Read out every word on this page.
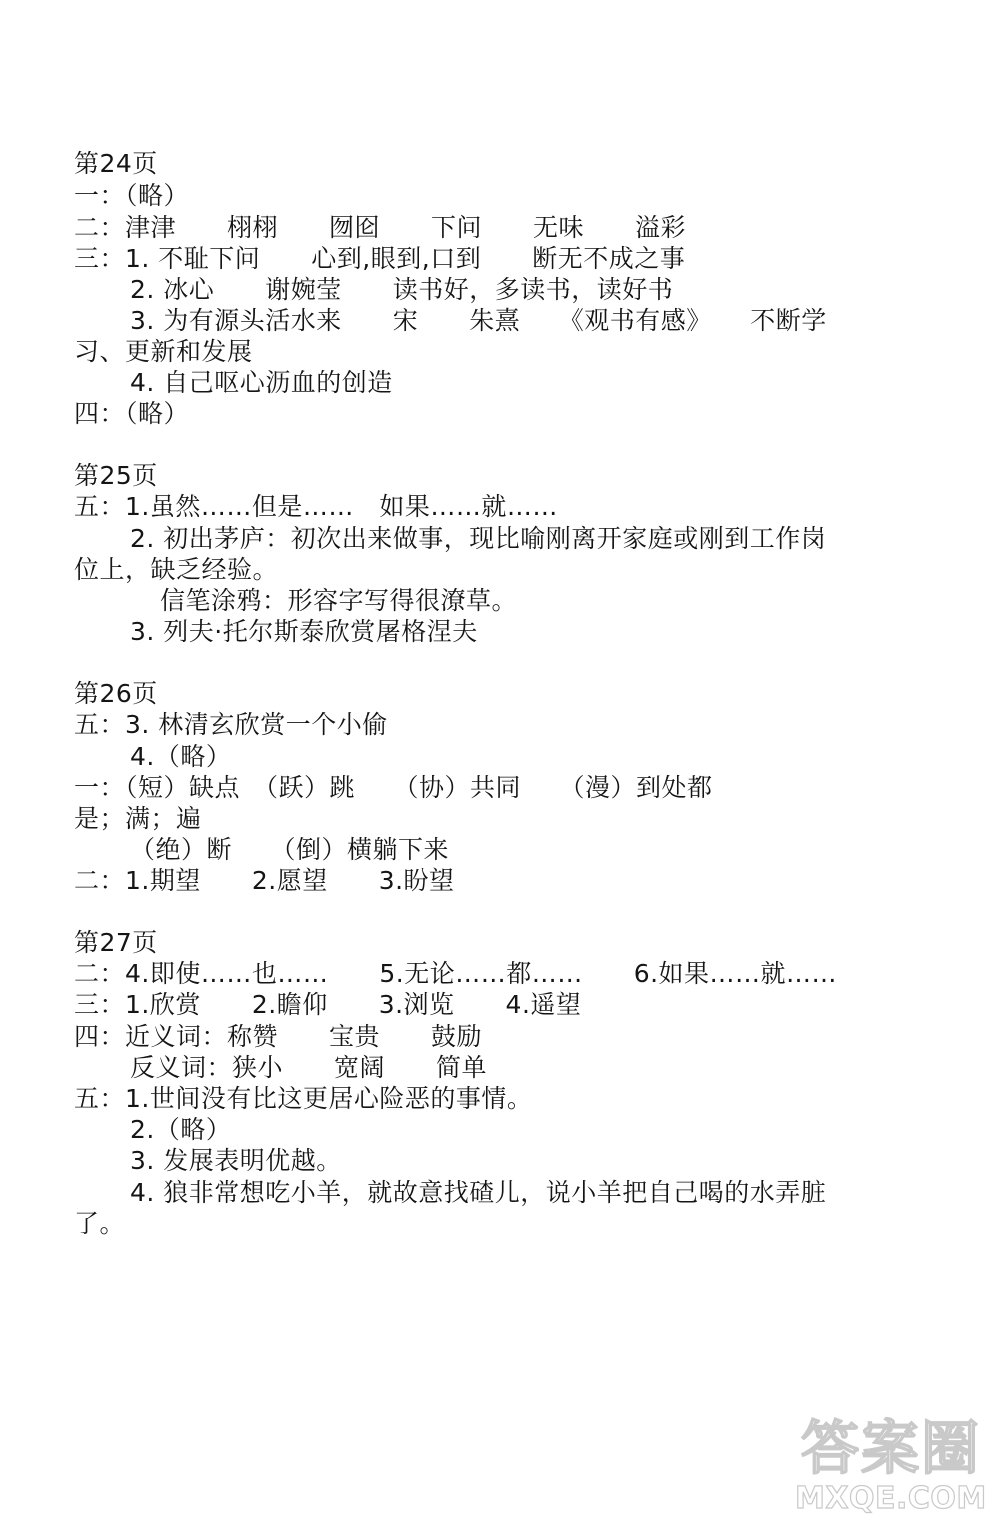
第24页
一：（略）
二：津津　　栩栩　　囫囵　　下问　　无味　　溢彩
三：1. 不耻下问　　心到,眼到,口到　　断无不成之事
2. 冰心　　谢婉莹　　读书好，多读书，读好书
3. 为有源头活水来　　宋　　朱熹　　《观书有感》　　不断学
习、更新和发展
4. 自己呕心沥血的创造
四：（略）
第25页
五：1.虽然……但是……　如果……就……
2. 初出茅庐：初次出来做事，现比喻刚离开家庭或刚到工作岗
位上，缺乏经验。
信笔涂鸦：形容字写得很潦草。
3. 列夫·托尔斯泰欣赏屠格涅夫
第26页
五：3. 林清玄欣赏一个小偷
4.（略）
一：（短）缺点　（跃）跳　　（协）共同　　（漫）到处都
是；满；遍
（绝）断　　（倒）横躺下来
二：1.期望　　2.愿望　　3.盼望
第27页
二：4.即使……也……　　5.无论……都……　　6.如果……就……
三：1.欣赏　　2.瞻仰　　3.浏览　　4.遥望
四：近义词：称赞　　宝贵　　鼓励
反义词：狭小　　宽阔　　简单
五：1.世间没有比这更居心险恶的事情。
2.（略）
3. 发展表明优越。
4. 狼非常想吃小羊，就故意找碴儿，说小羊把自己喝的水弄脏
了。
答案圈
MXQE.COM
